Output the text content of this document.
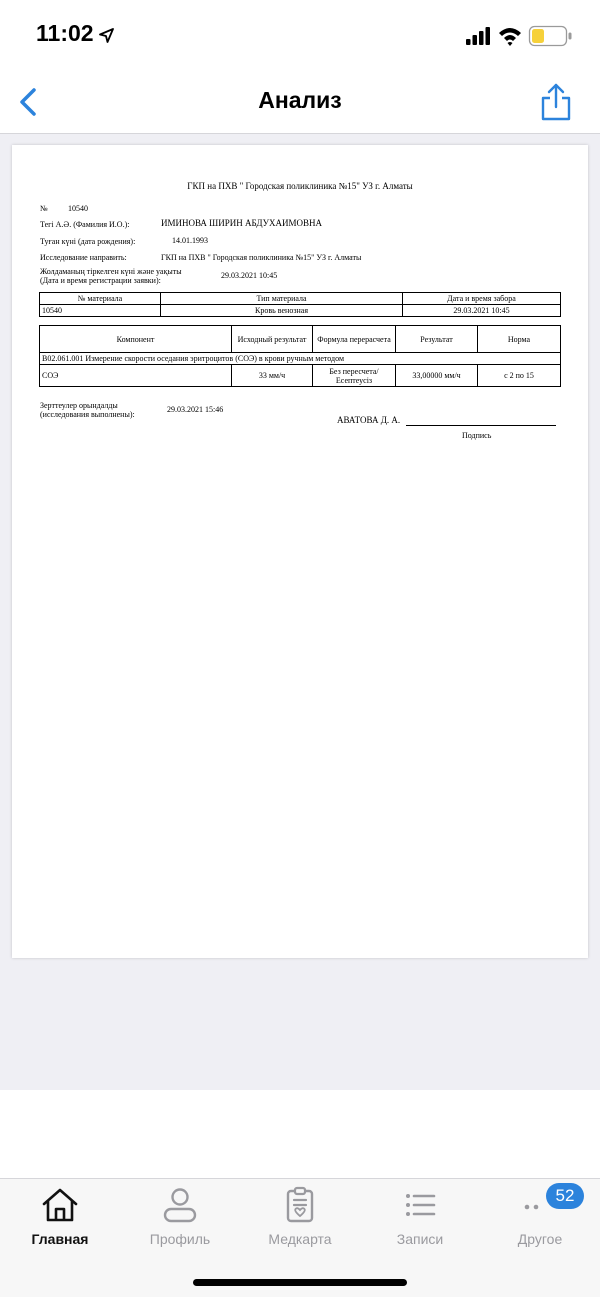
11:02
Анализ
ГКП на ПХВ " Городская поликлиника №15" УЗ г. Алматы
№	10540
Тегі А.Ә. (Фамилия И.О.):	ИМИНОВА ШИРИН АБДУХАИМОВНА
Туған күні (дата рождения):	14.01.1993
Исследование направить:	ГКП на ПХВ " Городская поликлиника №15" УЗ г. Алматы
Жолдаманың тіркелген күні және уақыты
(Дата и время регистрации заявки):
29.03.2021 10:45
№ материала	Тип материала	Дата и время забора
10540	Кровь венозная	29.03.2021 10:45
Компонент	Исходный результат	Формула перерасчета	Результат	Норма
B02.061.001 Измерение скорости оседания эритроцитов (СОЭ) в крови ручным методом				
СОЭ	33 мм/ч	Без пересчета/ Есептеусіз	33,00000 мм/ч	с 2 по 15
Зерттеулер орындалды
(исследования выполнены):
29.03.2021 15:46
АВАТОВА Д. А.
Подпись
Главная	Профиль	Медкарта	Записи
52
Другое
